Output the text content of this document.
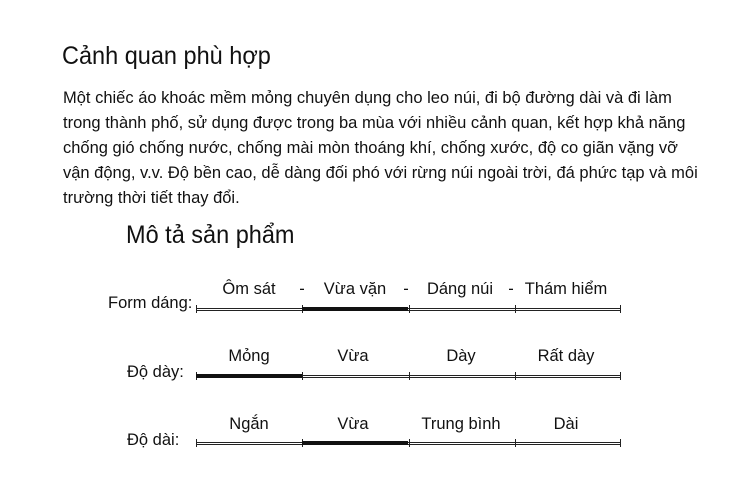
Cảnh quan phù hợp

Một chiếc áo khoác mềm mỏng chuyên dụng cho leo núi, đi bộ đường dài và đi làm trong thành phố, sử dụng được trong ba mùa với nhiều cảnh quan, kết hợp khả năng chống gió chống nước, chống mài mòn thoáng khí, chống xước, độ co giãn vặng vỡ vận động, v.v. Độ bền cao, dễ dàng đối phó với rừng núi ngoài trời, đá phức tạp và môi trường thời tiết thay đổi.

Mô tả sản phẩm
Form dáng:
Ôm sát - Vừa vặn - Dáng núi - Thám hiểm
Độ dày:
Mỏng	Vừa	Dày	Rất dày
Độ dài:
Ngắn	Vừa	Trung bình	Dài
